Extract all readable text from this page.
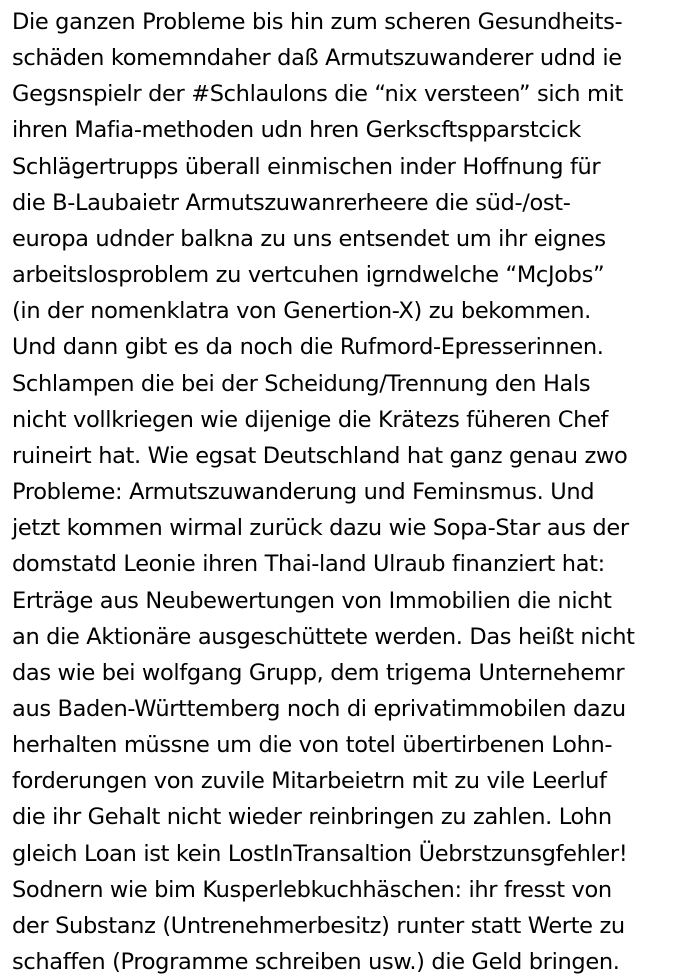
Die ganzen Probleme bis hin zum scheren Gesundheits-
schäden komemndaher daß Armutszuwanderer udnd ie
Gegsnspielr der #Schlaulons die “nix versteen” sich mit
ihren Mafia-methoden udn hren Gerkscftspparstcick
Schlägertrupps überall einmischen inder Hoffnung für
die B-Laubaietr Armutszuwanrerheere die süd-/ost-
europa udnder balkna zu uns entsendet um ihr eignes
arbeitslosproblem zu vertcuhen igrndwelche “McJobs”
(in der nomenklatra von Genertion-X) zu bekommen.
Und dann gibt es da noch die Rufmord-Epresserinnen.
Schlampen die bei der Scheidung/Trennung den Hals
nicht vollkriegen wie dijenige die Krätezs füheren Chef
ruineirt hat. Wie egsat Deutschland hat ganz genau zwo
Probleme: Armutszuwanderung und Feminsmus. Und
jetzt kommen wirmal zurück dazu wie Sopa-Star aus der
domstatd Leonie ihren Thai-land Ulraub finanziert hat:
Erträge aus Neubewertungen von Immobilien die nicht
an die Aktionäre ausgeschüttete werden. Das heißt nicht
das wie bei wolfgang Grupp, dem trigema Unternehemr
aus Baden-Württemberg noch di eprivatimmobilen dazu
herhalten müssne um die von totel übertirbenen Lohn-
forderungen von zuvile Mitarbeietrn mit zu vile Leerluf
die ihr Gehalt nicht wieder reinbringen zu zahlen. Lohn
gleich Loan ist kein LostInTransaltion Üebrstzunsgfehler!
Sodnern wie bim Kusperlebkuchhäschen: ihr fresst von
der Substanz (Untrenehmerbesitz) runter statt Werte zu
schaffen (Programme schreiben usw.) die Geld bringen.
